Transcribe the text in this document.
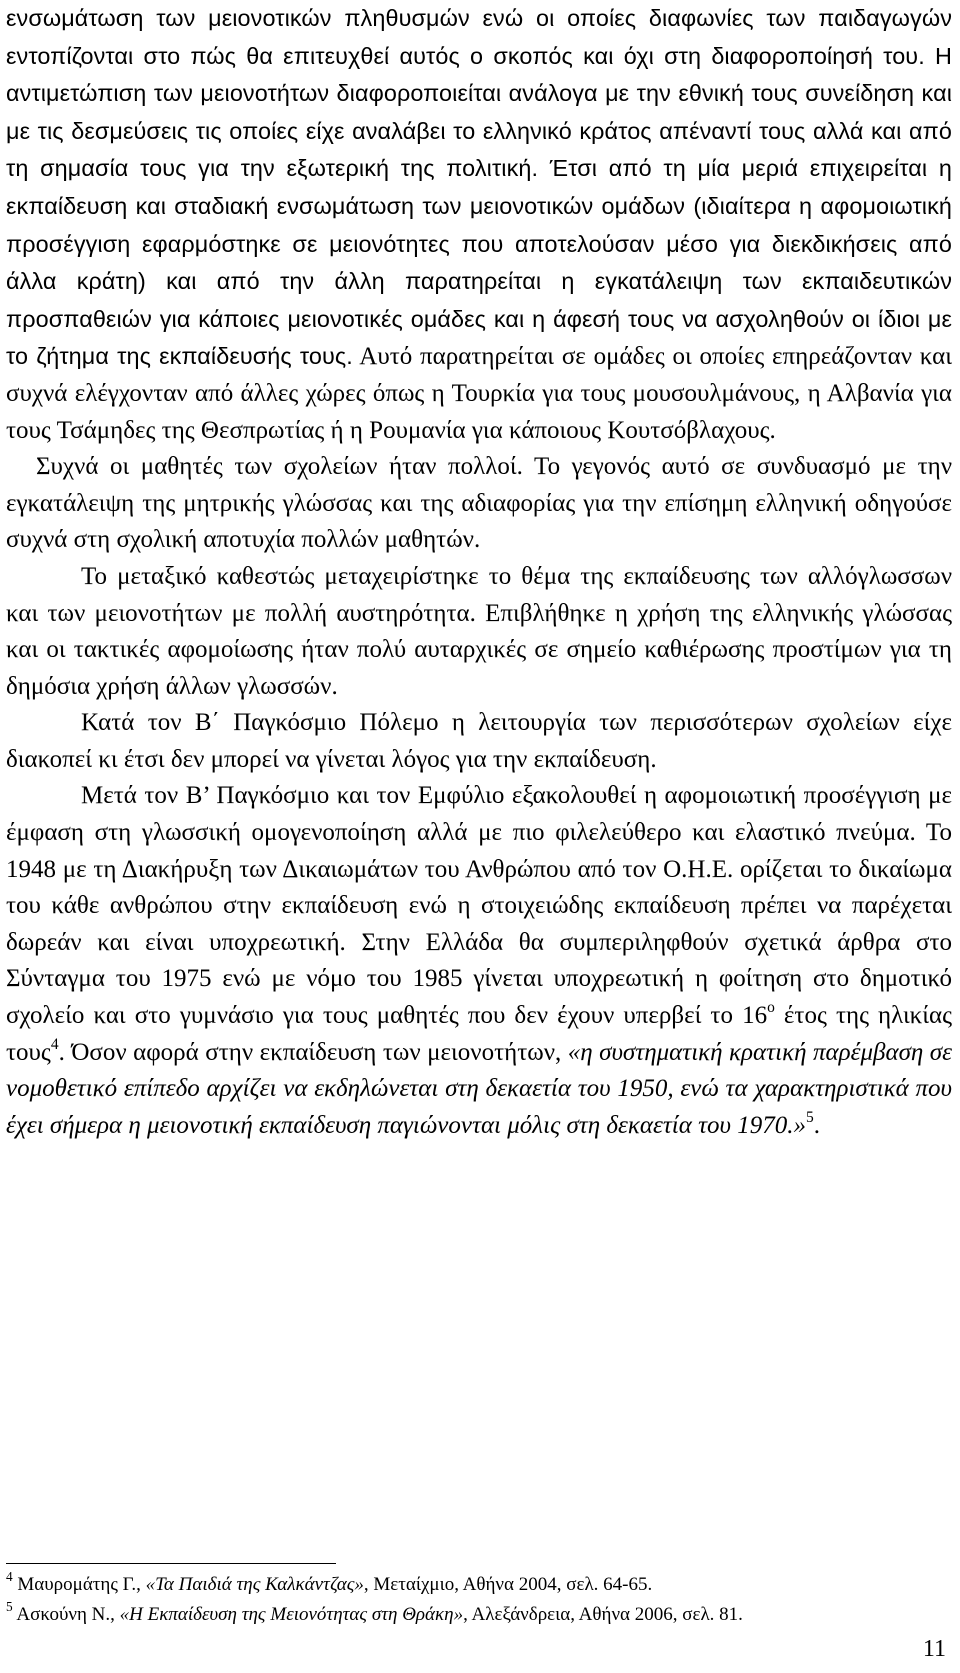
ενσωμάτωση των μειονοτικών πληθυσμών ενώ οι οποίες διαφωνίες των παιδαγωγών εντοπίζονται στο πώς θα επιτευχθεί αυτός ο σκοπός και όχι στη διαφοροποίησή του. Η αντιμετώπιση των μειονοτήτων διαφοροποιείται ανάλογα με την εθνική τους συνείδηση και με τις δεσμεύσεις τις οποίες είχε αναλάβει το ελληνικό κράτος απέναντί τους αλλά και από τη σημασία τους για την εξωτερική της πολιτική. Έτσι από τη μία μεριά επιχειρείται η εκπαίδευση και σταδιακή ενσωμάτωση των μειονοτικών ομάδων (ιδιαίτερα η αφομοιωτική προσέγγιση εφαρμόστηκε σε μειονότητες που αποτελούσαν μέσο για διεκδικήσεις από άλλα κράτη) και από την άλλη παρατηρείται η εγκατάλειψη των εκπαιδευτικών προσπαθειών για κάποιες μειονοτικές ομάδες και η άφεσή τους να ασχοληθούν οι ίδιοι με το ζήτημα της εκπαίδευσής τους. Αυτό παρατηρείται σε ομάδες οι οποίες επηρεάζονταν και συχνά ελέγχονταν από άλλες χώρες όπως η Τουρκία για τους μουσουλμάνους, η Αλβανία για τους Τσάμηδες της Θεσπρωτίας ή η Ρουμανία για κάποιους Κουτσόβλαχους.

Συχνά οι μαθητές των σχολείων ήταν πολλοί. Το γεγονός αυτό σε συνδυασμό με την εγκατάλειψη της μητρικής γλώσσας και της αδιαφορίας για την επίσημη ελληνική οδηγούσε συχνά στη σχολική αποτυχία πολλών μαθητών.

Το μεταξικό καθεστώς μεταχειρίστηκε το θέμα της εκπαίδευσης των αλλόγλωσσων και των μειονοτήτων με πολλή αυστηρότητα. Επιβλήθηκε η χρήση της ελληνικής γλώσσας και οι τακτικές αφομοίωσης ήταν πολύ αυταρχικές σε σημείο καθιέρωσης προστίμων για τη δημόσια χρήση άλλων γλωσσών.

Κατά τον Β΄ Παγκόσμιο Πόλεμο η λειτουργία των περισσότερων σχολείων είχε διακοπεί κι έτσι δεν μπορεί να γίνεται λόγος για την εκπαίδευση.

Μετά τον Β’ Παγκόσμιο και τον Εμφύλιο εξακολουθεί η αφομοιωτική προσέγγιση με έμφαση στη γλωσσική ομογενοποίηση αλλά με πιο φιλελεύθερο και ελαστικό πνεύμα. Το 1948 με τη Διακήρυξη των Δικαιωμάτων του Ανθρώπου από τον Ο.Η.Ε. ορίζεται το δικαίωμα του κάθε ανθρώπου στην εκπαίδευση ενώ η στοιχειώδης εκπαίδευση πρέπει να παρέχεται δωρεάν και είναι υποχρεωτική. Στην Ελλάδα θα συμπεριληφθούν σχετικά άρθρα στο Σύνταγμα του 1975 ενώ με νόμο του 1985 γίνεται υποχρεωτική η φοίτηση στο δημοτικό σχολείο και στο γυμνάσιο για τους μαθητές που δεν έχουν υπερβεί το $16^o$ έτος της ηλικίας τους$^4$. Όσον αφορά στην εκπαίδευση των μειονοτήτων, «η συστηματική κρατική παρέμβαση σε νομοθετικό επίπεδο αρχίζει να εκδηλώνεται στη δεκαετία του 1950, ενώ τα χαρακτηριστικά που έχει σήμερα η μειονοτική εκπαίδευση παγιώνονται μόλις στη δεκαετία του 1970.»$^5$.

$^4$ Μαυρομάτης Γ., «Τα Παιδιά της Καλκάντζας», Μεταίχμιο, Αθήνα 2004, σελ. 64-65.

$^5$ Ασκούνη Ν., «Η Εκπαίδευση της Μειονότητας στη Θράκη», Αλεξάνδρεια, Αθήνα 2006, σελ. 81.

11
